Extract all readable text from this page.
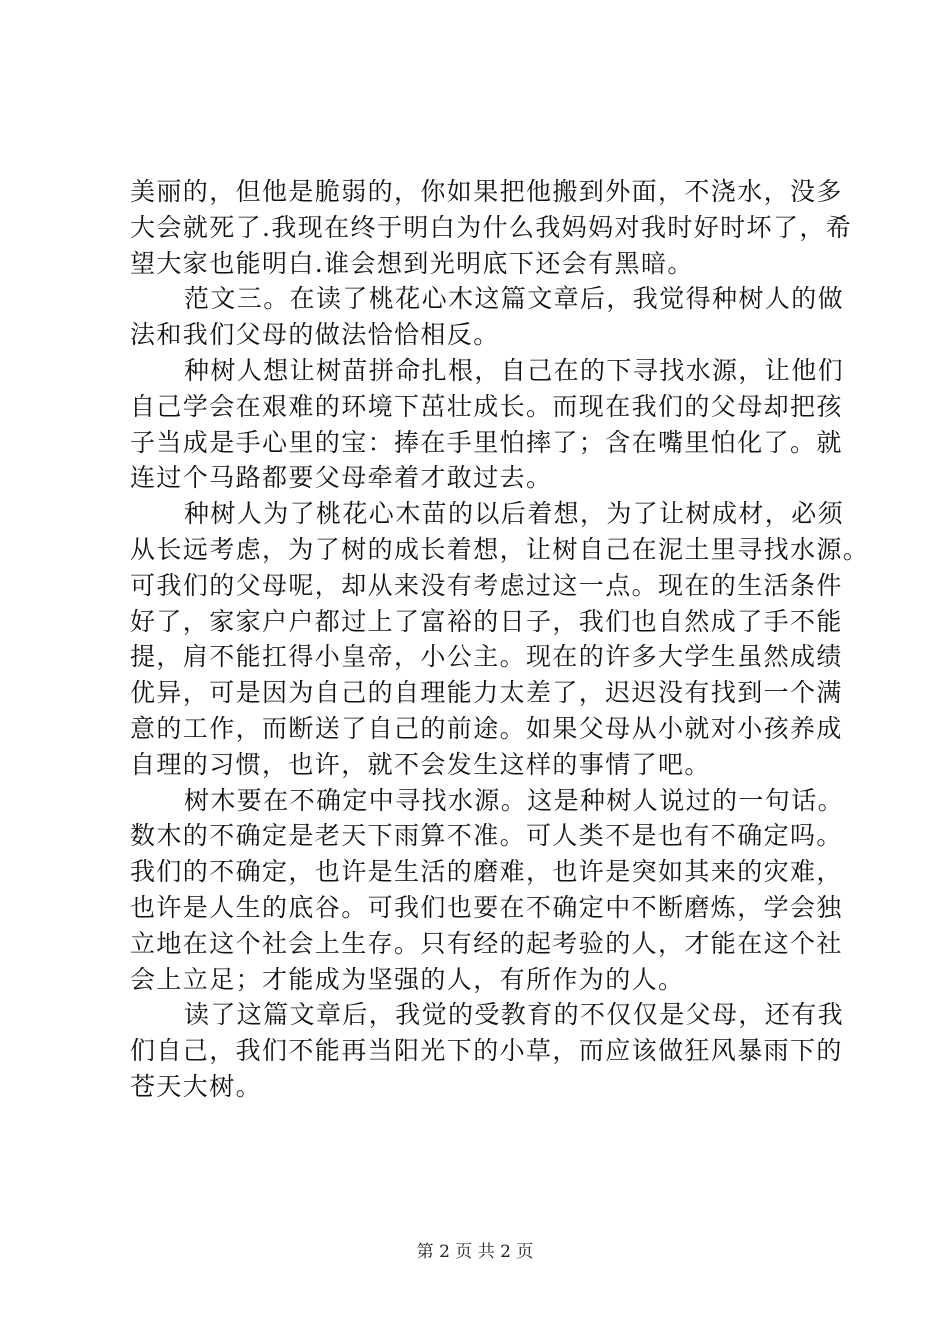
美丽的，但他是脆弱的，你如果把他搬到外面，不浇水，没多
大会就死了.我现在终于明白为什么我妈妈对我时好时坏了，希
望大家也能明白.谁会想到光明底下还会有黑暗。
范文三。在读了桃花心木这篇文章后，我觉得种树人的做
法和我们父母的做法恰恰相反。
种树人想让树苗拼命扎根，自己在的下寻找水源，让他们
自己学会在艰难的环境下茁壮成长。而现在我们的父母却把孩
子当成是手心里的宝：捧在手里怕摔了；含在嘴里怕化了。就
连过个马路都要父母牵着才敢过去。
种树人为了桃花心木苗的以后着想，为了让树成材，必须
从长远考虑，为了树的成长着想，让树自己在泥土里寻找水源。
可我们的父母呢，却从来没有考虑过这一点。现在的生活条件
好了，家家户户都过上了富裕的日子，我们也自然成了手不能
提，肩不能扛得小皇帝，小公主。现在的许多大学生虽然成绩
优异，可是因为自己的自理能力太差了，迟迟没有找到一个满
意的工作，而断送了自己的前途。如果父母从小就对小孩养成
自理的习惯，也许，就不会发生这样的事情了吧。
树木要在不确定中寻找水源。这是种树人说过的一句话。
数木的不确定是老天下雨算不准。可人类不是也有不确定吗。
我们的不确定，也许是生活的磨难，也许是突如其来的灾难，
也许是人生的底谷。可我们也要在不确定中不断磨炼，学会独
立地在这个社会上生存。只有经的起考验的人，才能在这个社
会上立足；才能成为坚强的人，有所作为的人。
读了这篇文章后，我觉的受教育的不仅仅是父母，还有我
们自己，我们不能再当阳光下的小草，而应该做狂风暴雨下的
苍天大树。
第 2 页 共 2 页
